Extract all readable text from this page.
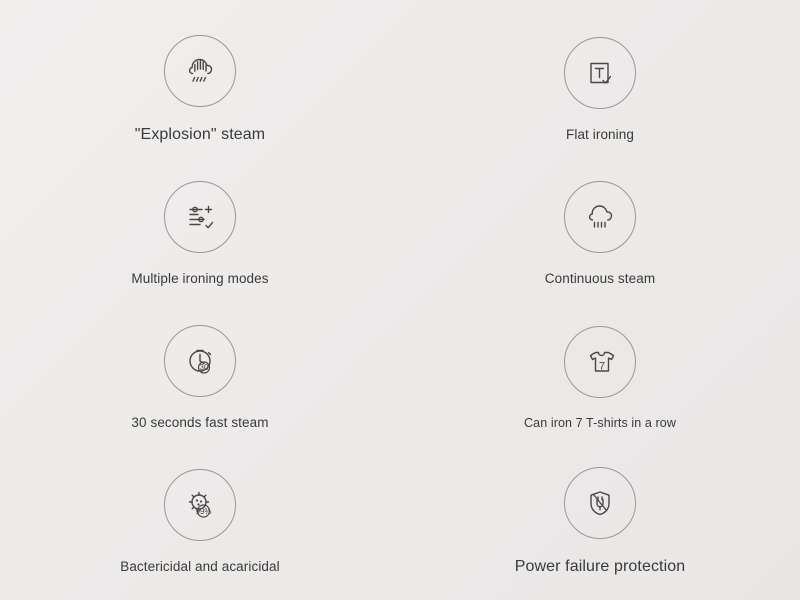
"Explosion" steam	Flat ironing
Multiple ironing modes	Continuous steam
30
30 seconds fast steam
7
Can iron 7 T-shirts in a row
99%
Bactericidal and acaricidal	Power failure protection
